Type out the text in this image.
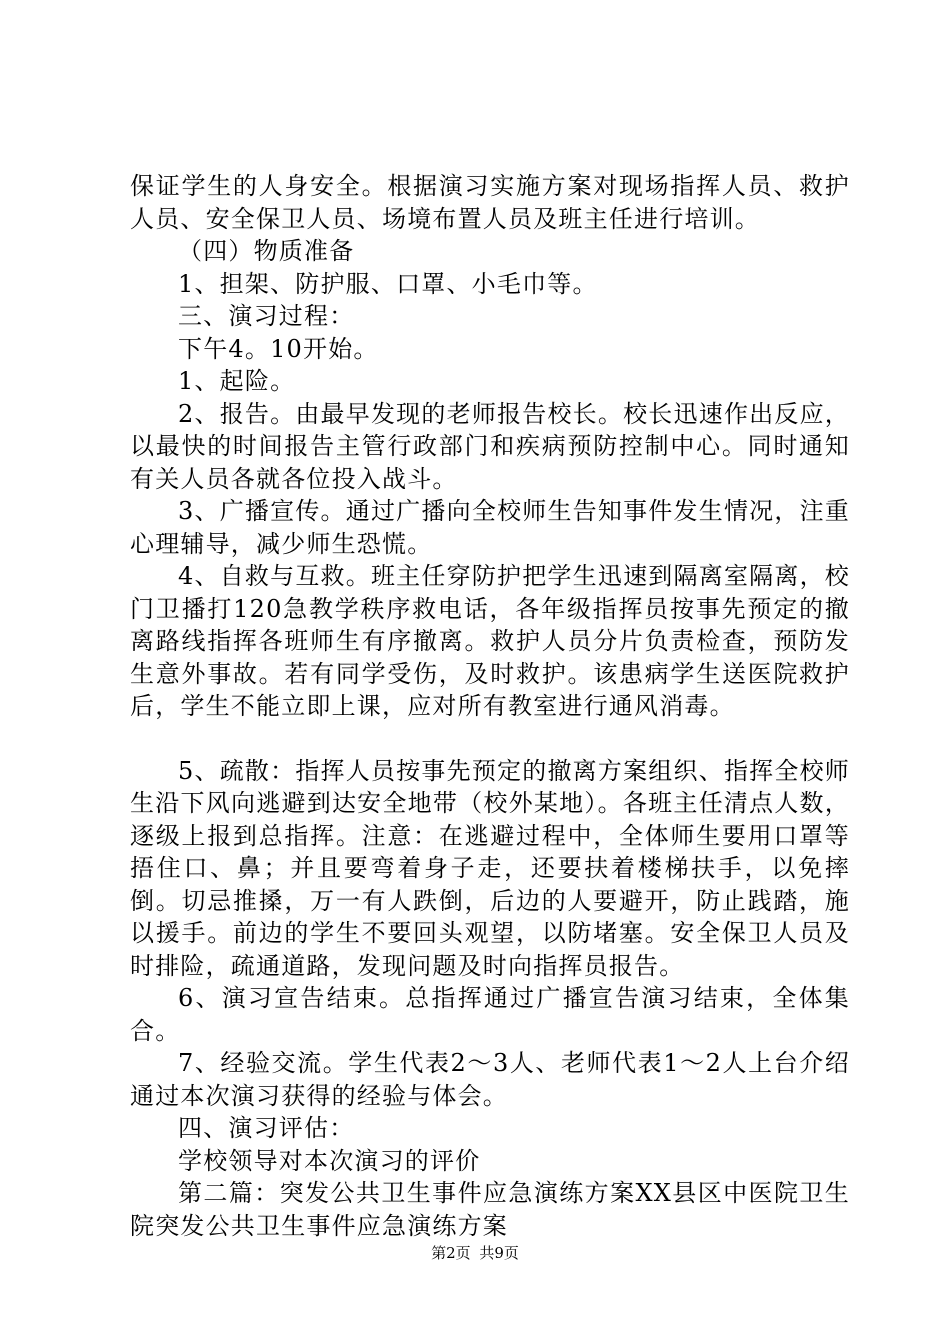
保证学生的人身安全。根据演习实施方案对现场指挥人员、救护人员、安全保卫人员、场境布置人员及班主任进行培训。

（四）物质准备

1、担架、防护服、口罩、小毛巾等。

三、演习过程：

下午4。10开始。

1、起险。

2、报告。由最早发现的老师报告校长。校长迅速作出反应，以最快的时间报告主管行政部门和疾病预防控制中心。同时通知有关人员各就各位投入战斗。

3、广播宣传。通过广播向全校师生告知事件发生情况，注重心理辅导，减少师生恐慌。

4、自救与互救。班主任穿防护把学生迅速到隔离室隔离，校门卫播打120急教学秩序救电话，各年级指挥员按事先预定的撤离路线指挥各班师生有序撤离。救护人员分片负责检查，预防发生意外事故。若有同学受伤，及时救护。该患病学生送医院救护后，学生不能立即上课，应对所有教室进行通风消毒。

5、疏散：指挥人员按事先预定的撤离方案组织、指挥全校师生沿下风向逃避到达安全地带（校外某地）。各班主任清点人数，逐级上报到总指挥。注意：在逃避过程中，全体师生要用口罩等捂住口、鼻；并且要弯着身子走，还要扶着楼梯扶手，以免摔倒。切忌推搡，万一有人跌倒，后边的人要避开，防止践踏，施以援手。前边的学生不要回头观望，以防堵塞。安全保卫人员及时排险，疏通道路，发现问题及时向指挥员报告。

6、演习宣告结束。总指挥通过广播宣告演习结束，全体集合。

7、经验交流。学生代表2～3人、老师代表1～2人上台介绍通过本次演习获得的经验与体会。

四、演习评估：

学校领导对本次演习的评价

第二篇：突发公共卫生事件应急演练方案XX县区中医院卫生院突发公共卫生事件应急演练方案

第2页 共9页
